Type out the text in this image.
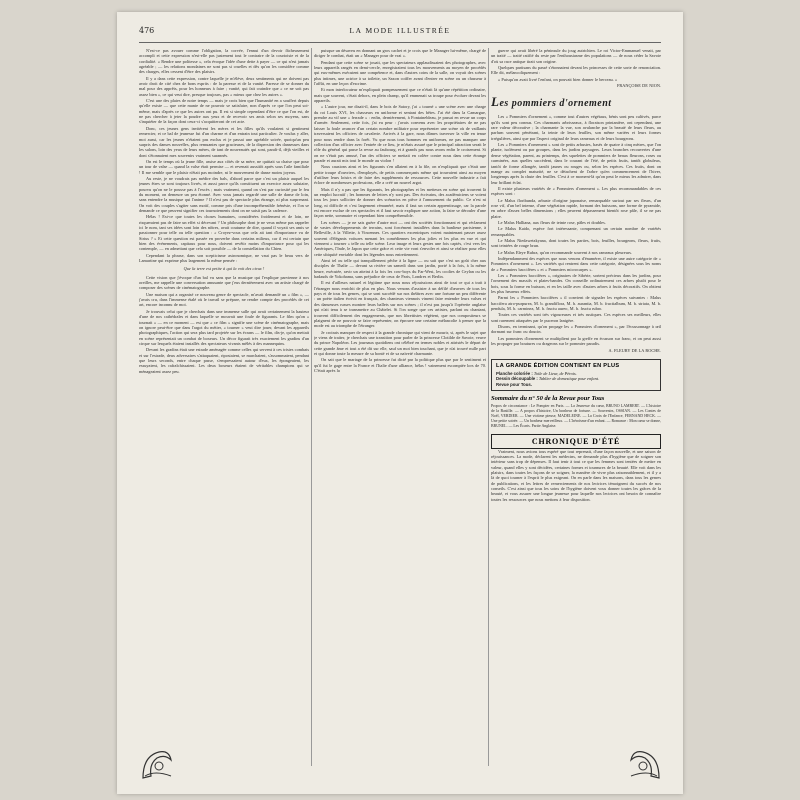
476	LA MODE ILLUSTRÉE

N'est-ce pas avouer comme l'obligation, la corvée, l'ennui d'un devoir fâcheusement accompli et cette expression n'est-elle pas justement tout le contraire de la courtoisie et de la cordialité. « Rendre une politesse », cela évoque l'idée d'une dette à payer — ce qui n'est jamais agréable ; — les relations mondaines ne sont pas si cruelles et dès qu'on les considère comme des charges, elles cessent d'être des plaisirs.

Il y a dans cette expression, contre laquelle je m'élève, deux sentiments qui ne doivent pas avoir droit de cité chez de bons esprits : de la paresse et de la vanité. Paresse de se donner du mal pour des apprêts, pour les honneurs à faire ; vanité, qui fait craindre que « ce ne soit pas assez bien », ce qui veut dire, presque toujours, pas « mieux que chez les autres ».

C'est une des plaies de notre temps — mais je crois bien que l'humanité en a souffert depuis qu'elle existe — que cette manie de ne pouvoir se satisfaire, non d'après ce que l'on peut soi-même, mais d'après ce que les autres ont pu. Il est si simple cependant d'être ce que l'on est, de ne pas chercher à jeter la poudre aux yeux et de recevoir ses amis selon ses moyens, sans s'inquiéter de la façon dont ceux-ci s'acquitteront de cet acte.

Donc, ces jeunes gens invitèrent les mères et les filles qu'ils voulaient si gentiment remercier, et ce bal de jeunesse fut d'un charme et d'un entrain tout particulier. Je voulus y aller, moi aussi, car les jeunes n'étaient pas exclus et je passai une agréable soirée, quoiqu'un peu surpris des danses nouvelles, plus remuantes que gracieuses, de la dispersion des danseuses dans les salons, loin des yeux de leurs mères, de tant de nouveautés qui sont, paraît-il, déjà vieilles et dont s'étonnaient mes souvenirs vraiment surannés.

On est le temps où la jeune fille, assise aux côtés de sa mère, ne quittait sa chaise que pour un tour de valse — quand la valse était permise — et revenait aussitôt après sous l'aile familiale ! Il me semble que le plaisir n'était pas moindre, ni le mouvement de danse moins joyeux.

Au reste, je ne voudrais pas médire des bals, d'abord parce que c'est un plaisir auquel les jeunes êtres se sont toujours livrés, et aussi parce qu'ils constituent un exercice assez salutaire, pourvu qu'on ne le pousse pas à l'excès ; mais vraiment, quand on s'est par curiosité pur le feu du moment, on demeure un peu étonné. Avec vous jamais regardé une salle de danse de loin, sans entendre la musique qui l'anime ? Il n'est pas de spectacle plus étrange, ni plus surprenant. On voit des couples s'agiter sans motif, comme pris d'une incompréhensible frénésie, et l'on se demande ce que peuvent signifier ces tournoiements dont on ne saisit pas la cadence.

Hélas ! Est-ce que toutes les choses humaines, considérées froidement et de loin, ne risqueraient pas de faire un effet si décevant ? Un philosophe dont je ne veux même pas rappeler ici le nom, tant ses idées sont loin des nôtres, avait coutume de dire, quand il voyait ses amis se passionner pour telle ou telle question : « Croyez-vous que cela ait tant d'importance vu de Sirius ? » Et cette question est passée en proverbe dans certains milieux, car il est certain que bien des événements, capitaux pour nous, doivent revêtir moins d'importance pour qui les contemple, — en admettant que cela soit possible — de la constellation du Chien.

Cependant la phrase, dans son scepticisme astronomique, ne vaut pas le beau vers de Lamartine qui exprime plus largement la même pensée :

Que la terre est petite à qui la voit des cieux !

Cette vision que j'évoque d'un bal vu sans que la musique qui l'explique parvienne à nos oreilles, me rappelle une conversation amusante que j'eus dernièrement avec un artiste chargé de composer des scènes de cinématographe.

Une maison qui a organisé ce nouveau genre de spectacle, m'avait demandé un « film », — j'avais cru, dans l'immense étalé où le travail se prépare, ne rendre compte des procédés de cet art, encore inconnu de moi.

Je trouvais celui que je cherchais dans une immense salle qui avait certainement la hauteur d'une de nos cathédrales et dans laquelle se mouvait une foule de figurants. Le film qu'on « tournait » — en ce moment — est que « ce film » signifie une scène de cinématographe, mais on ignore peut-être que dans l'argot du métier, « tourner » veut dire jouer, devant les appareils photographiques, l'action qui sera plus tard projetée sur les écrans — le film, dis-je, qu'on mettait en scène représentait un combat de boxeurs. Un décor figurait très exactement les gradins d'un cirque sur lesquels étaient installés des spectateurs vivants mêlés à des mannequins.

Devant les gradins était une estrade aménagée comme celles qui servent à ces tristes combats et sur l'estrade, deux adversaires s'attaquaient, ripostaient, se marchaient, s'assommaient, pendant que leurs seconds, entre chaque passe, s'empressaient autour d'eux, les épongeaient, les essuyaient, les rafraîchissaient. Les deux boxeurs étaient de véritables champions qui se ménageaient assez peu.

puisque un désaveu en donnant un gros cachet et je crois que le Manager lui-même, chargé de diriger le combat, était un « Manager pour de vrai ».

Pendant que cette scène se jouait, que les spectateurs applaudissaient des photographes, avec leurs appareils rangés en demi-cercle, enregistraient tous les mouvements au moyen de procédés qui eux-mêmes exécutent une compétence et, dans d'autres coins de la salle, on voyait des scènes plus intimes, une actrice à sa toilette, un Saxon coiffer avant d'entrer en scène ou un chasseur à l'affût, en une leçon d'escrime.

Et mon interlocuteur m'expliquait pompeusement que ce n'était là qu'une répétition ordinaire, mais que souvent, c'était dehors, en plein champ, qu'il emmenait sa troupe pour évoluer devant les appareils.

« L'autre jour, me disait-il, dans le bois de Satory, j'ai « tourné » une scène avec une charge du roi Louis XVI, les chasseurs en uniforme et sentant des bêtes. J'ai été dans la Camargue, prendre au vif une « ferrade » : enfin, dernièrement, à Fontainebleau, je passai en revue un corps d'armée. Seulement, cette fois, j'ai eu peur : j'avais convenu avec les propriétaires de ne pas laisser la foule avancer d'un certain nombre militaire pour représenter une scène où de vaillants traversaient les officiers de cavalerie. Arrivés à la gare, nous dûmes traverser la ville en tenue pour nous rendre dans la forêt. Vu que nous tous hommes en uniformes, ne pas manquer une collection d'un officier avec l'entrée de ce lieu, je m'étais assuré que le principal attraction serait le rôle du général qui passe la revue au faubourg, et à grands pas nous avons enfin le croisement. Si on ne s'était pas amusé, l'un des officiers se mettait en colère contre nous dans cette étrange parade et aurait mis tout le monde au violon !

Nous causions ainsi et les figurants s'en allaient en à la file, on n'expliquait que c'était une petite troupe d'ouvriers, d'employés, de petits commerçants même qui trouvaient ainsi au moyen d'utiliser leurs loisirs et de faire des suppléments de ressources. Cette nouvelle industrie a fait éclore de nombreuses professions, elle a créé un nouvel argot.

Mais il n'y a pas que les figurants, les photographes et les metteurs en scène qui trouvent là un emploi lucratif ; les hommes de lettres n'y sont pas. Des écrivains, des académiciens se voient tous les jours solliciter de donner des scénarios en pièce à l'amusement du public. Ce n'est ni long, ni difficile et c'est largement rémunéré, mais il faut un certain apprentissage, car la parole est encore exclue de ces spectacles et il faut savoir expliquer une action, la faire se dérouler d'une façon nette, sommaire et cependant bien compréhensible.

Les scènes — je ne sais guère d'autre mot — ont des sociétés fonctionnant et qui réclament de vastes développements de terrains, sont forcément installées dans la banlieue parisienne, à Belleville, à la Villette, à Vincennes. Ces quartiers excentriques voient maintenant passer assez souvent d'élégants voitures menant les comédiennes les plus jolies et les plus en vue et qui viennent « tourner » telle ou telle scène. Leur image et leurs gestes une fois captés, c'est vers les Amériques, l'Inde, le Japon que cette grâce et cette vie vont s'envoler et ainsi se réaliser pour elles cette ubiquité enviable dont les légendes nous entretiennent.

Ainsi tel ou telle qui tranquillement pêche à la ligne — ou sait que c'est un goût cher aux disciples de Thalie — devant sa rivière un samedi dans son jardin, porté à la fois, à la même heure, exécutée, ravir un atteint à la fois les cow-boys du Far-West, les coolies de Ceylan ou les badauds de Yokohama, sans préjudice de ceux de Paris, Londres et Berlin.

Il est d'ailleurs naturel et légitime que nous nous réjouissions ainsi de tout ce qui a trait à l'étranger nous enrichit de plus en plus. Nous venons d'assister à un défilé d'œuvres de tous les pays et de tous les genres, qui se sont succédé sur nos théâtres avec une fortune un peu différente : un poète italien écrivit en français, des chanteurs viennois vinrent faire entendre leurs valses et des danseuses russes montrer leurs ballets sur nos scènes ; il n'est pas jusqu'à l'opérette anglaise qui n'ait tenu à se transmettre au Châtelet. Si l'on songe que ces artistes, parlant ou chantant, trouvent difficilement des engagements, que nos librettistes végètent, que nos compositeurs se plaignent de ne pouvoir se faire représenter, on éprouve une certaine mélancolie à penser que la mode est au triomphe de l'étranger.

Je croirais manquer de respect à la grande chronique qui vient de mourir, si, après le sujet que je viens de traiter, je cherchais une transition pour parler de la princesse Clotilde de Savoie, veuve du prince Napoléon. Les journaux quotidiens ont célébré en termes nobles et attristés le départ de cette grande âme et tout a été dit sur elle, sauf un mot bien touchant, que je n'ai trouvé nulle part et qui donne toute la mesure de sa bonté et de sa naïveté charmante.

On sait que le mariage de la princesse fut dicté par la politique plus que par le sentiment et qu'il fut le gage entre la France et l'Italie d'une alliance, hélas ! vainement escomptée lors de 70. C'était après la

guerre qui avait libéré la péninsule du joug autrichien. Le roi Victor-Emmanuel venait, par un traité — traité ratifié du reste par l'enthousiasme des populations — de nous céder la Savoie d'où sa race antique tirait son origine.

Quelques partisans du passé s'étonnaient devant les princesses de cette sorte de renonciation. Elle dit, mélancoliquement :

« Puisqu'on avait livré l'enfant, on pouvait bien donner le berceau. »

FRANÇOISE DE NION.

Les pommiers d'ornement

Les « Pommiers d'ornement », comme tout d'autres végétaux, bénis sont peu cultivés, parce qu'ils sont peu connus. Ces charmants arbrisseaux, à floraison printanière, ont cependant, une rare valeur décorative ; la charmante la vue, son avalanche par la beauté de leurs fleurs, au parfum souvent pénétrant, la teinte de leurs feuilles, son même variées et leurs formes irrégulières, ainsi que par l'aspect original de leurs rameaux et de leurs bourgeons.

Les « Pommiers d'ornement » sont de petits arbustes, basés de quatre à cinq mètres, que l'on plante, isolément ou par groupes, dans les jardins paysagers. Leurs branches recouvertes d'une dense végétation, parent, au printemps, des squelettes de pommiers de beaux fleurons, roses ou carminées, aux quelles succèdent, dans le courant de l'été, de petits fruits, tantôt globuleux, tantôt de forme allongée, tantôt jaunes ou rouges ou, selon les espèces. Ces fruits, dont on mange au complet maturité, ne se détachent de l'arbre qu'en commencement de l'hiver, longtemps après la chute des feuilles. C'est à ce moment-là qu'on peut le mieux les admirer, dans leur brillant éclat.

Il existe plusieurs variétés de « Pommiers d'ornement ». Les plus recommandables de ces espèces sont :

Le Malus floribunda, arbuste d'origine japonaise, remarquable surtout par ses fleurs, d'un rose vif, d'un bel intense, d'une végétation rapide, formant des buissons, une forme de pyramide, en arbre d'assez belles dimensions ; elles peuvent dépassement bientôt rose pâle, il se ne pas plaire.

Le Malus Halliana, aux fleurs de teinte rose, pâles et doubles.

Le Malus Kaido, espèce fort intéressante, comprenant un certain nombre de variétés remarquables.

Le Malus Niedzwetzkyana, dont toutes les parties, bois, feuilles, bourgeons, fleurs, fruits, sont teintées de rouge brun.

Le Malus Eleye Rubra, qu'on recommande souvent à nos rameaux pleureurs.

Indépendamment des espèces que nous venons d'énumérer, il existe une autre catégorie de « Pommiers d'ornement ». Les variétés qui rentrent dans cette catégorie, désignées sous les noms de « Pommiers baccifères » et « Pommiers microcarpes ».

Les « Pommiers baccifères », originaires de Sibérie, sortent précieux dans les jardins, pour l'ornement des massifs et plates-bandes. On conseille ordinairement ces arbres plutôt pour le bois, sous la forme en buisson, et en les taille avec d'autres arbres à fruits décoratifs. On obtient les plus heureux effets.

Parmi les « Pommiers baccifères » il convient de signaler les espèces suivantes : Malus baccifera atro-purpurea, M. b. grandiflora, M. b. aurantia, M. b. fructialbum, M. b. striata, M. b. pendula, M. b. carminea, M. b. fructu aureo, M. b. fructu rubro.

Toutes ces variétés sont très vigoureuses et très rustiques. Ces espèces ses meilleurs, elles sont rarement attaquées par le puceron lanigère.

Disons, en terminant, qu'on propage les « Pommiers d'ornement », par l'écussonnage à œil dormant sur franc ou doucin.

Les pommiers d'ornement se multiplient par la greffe en écusson sur franc, et on peut aussi les propager par boutures ou drageons sur le pommier paradis.

A. FLEURY DE LA ROCHE.

LA GRANDE ÉDITION CONTIENT EN PLUS
Planche coloriée : Toile de Lieur, de Pérois.
Dessin découpable : Tablier de domestique pour enfant.
Revue pour Tous.
Sommaire du n° 50 de la Revue pour Tous
Propos de circonstance : Le Pompier en Paris. — La Jeunesse du cœur, BRUNO LAMBERT. — L'histoire de la Bastille. — A propos d'histoire, Un bonheur de fortune. — Souvenirs, OSSIAN. — Les Contes de Noël, VERDIER. — Une victime pieuse, MADELEINE. — La Croix de l'Enfance, FERNAND HECK. — Une petite soirée. — Un bonheur merveilleux. — L'héroïsme d'un enfant. — Romance : Mon cœur se donne, BRUNEL. — Les Écarts. Partie Anglaise.
CHRONIQUE D'ÉTÉ

Vraiment, nous avions tous espéré que tout reprenait, d'une façon nouvelle, et une saison de réjouissances. La mode, déclarent les médecins, ne demande plus d'hygiène que de soigner son intérieur sans trop de dépenses. Il faut tenir à tout ce que les femmes sont tentées de mettre en valeur, quand elles y sont décidées, certaines formes et tournures de la beauté. Elle voit dans les plaisirs, dans toutes les façons de se soigner, la manière de vivre plus raisonnablement, et il y a là de quoi tourner à l'esprit le plus exigeant. On en parle dans les maisons, dans tous les genres de publications, et les lettres de remerciements de nos lectrices témoignent du succès de nos conseils. C'est ainsi que tous les soins de l'hygiène doivent vous donner toutes les grâces de la beauté, et vous assurer une longue jeunesse pour laquelle nos lectrices ont besoin de connaître toutes les ressources que nous mettons à leur disposition.
